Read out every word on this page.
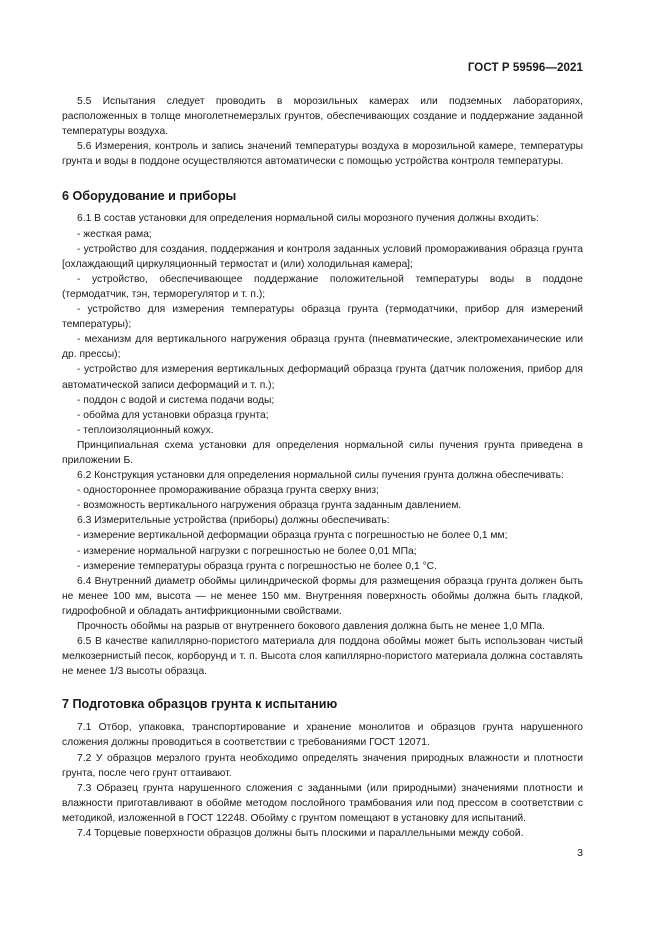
ГОСТ Р 59596—2021

5.5 Испытания следует проводить в морозильных камерах или подземных лабораториях, расположенных в толще многолетнемерзлых грунтов, обеспечивающих создание и поддержание заданной температуры воздуха.

5.6 Измерения, контроль и запись значений температуры воздуха в морозильной камере, температуры грунта и воды в поддоне осуществляются автоматически с помощью устройства контроля температуры.

6 Оборудование и приборы

6.1 В состав установки для определения нормальной силы морозного пучения должны входить:

- жесткая рама;

- устройство для создания, поддержания и контроля заданных условий промораживания образца грунта [охлаждающий циркуляционный термостат и (или) холодильная камера];

- устройство, обеспечивающее поддержание положительной температуры воды в поддоне (термодатчик, тэн, терморегулятор и т. п.);

- устройство для измерения температуры образца грунта (термодатчики, прибор для измерений температуры);

- механизм для вертикального нагружения образца грунта (пневматические, электромеханические или др. прессы);

- устройство для измерения вертикальных деформаций образца грунта (датчик положения, прибор для автоматической записи деформаций и т. п.);

- поддон с водой и система подачи воды;

- обойма для установки образца грунта;

- теплоизоляционный кожух.

Принципиальная схема установки для определения нормальной силы пучения грунта приведена в приложении Б.

6.2 Конструкция установки для определения нормальной силы пучения грунта должна обеспечивать:

- одностороннее промораживание образца грунта сверху вниз;

- возможность вертикального нагружения образца грунта заданным давлением.

6.3 Измерительные устройства (приборы) должны обеспечивать:

- измерение вертикальной деформации образца грунта с погрешностью не более 0,1 мм;

- измерение нормальной нагрузки с погрешностью не более 0,01 МПа;

- измерение температуры образца грунта с погрешностью не более 0,1 °С.

6.4 Внутренний диаметр обоймы цилиндрической формы для размещения образца грунта должен быть не менее 100 мм, высота — не менее 150 мм. Внутренняя поверхность обоймы должна быть гладкой, гидрофобной и обладать антифрикционными свойствами.

Прочность обоймы на разрыв от внутреннего бокового давления должна быть не менее 1,0 МПа.

6.5 В качестве капиллярно-пористого материала для поддона обоймы может быть использован чистый мелкозернистый песок, корборунд и т. п. Высота слоя капиллярно-пористого материала должна составлять не менее 1/3 высоты образца.

7 Подготовка образцов грунта к испытанию

7.1 Отбор, упаковка, транспортирование и хранение монолитов и образцов грунта нарушенного сложения должны проводиться в соответствии с требованиями ГОСТ 12071.

7.2 У образцов мерзлого грунта необходимо определять значения природных влажности и плотности грунта, после чего грунт оттаивают.

7.3 Образец грунта нарушенного сложения с заданными (или природными) значениями плотности и влажности приготавливают в обойме методом послойного трамбования или под прессом в соответствии с методикой, изложенной в ГОСТ 12248. Обойму с грунтом помещают в установку для испытаний.

7.4 Торцевые поверхности образцов должны быть плоскими и параллельными между собой.

3
